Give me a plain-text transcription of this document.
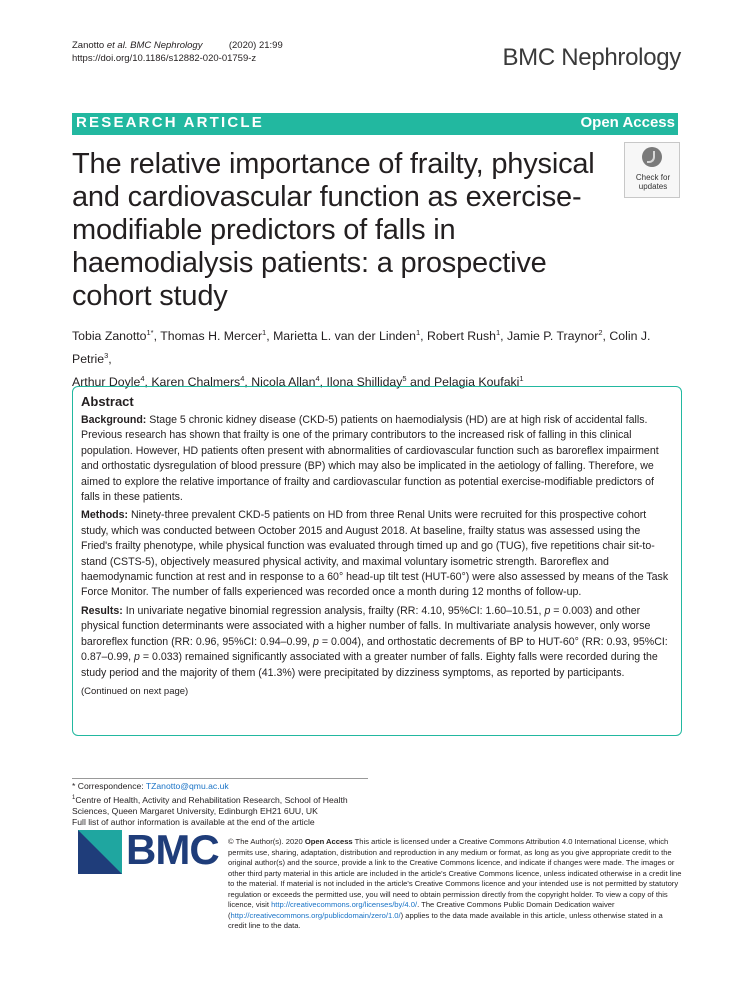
Zanotto et al. BMC Nephrology	(2020) 21:99
https://doi.org/10.1186/s12882-020-01759-z	BMC Nephrology
RESEARCH ARTICLE	Open Access
The relative importance of frailty, physical and cardiovascular function as exercise-modifiable predictors of falls in haemodialysis patients: a prospective cohort study
Check for
updates
Tobia Zanotto$^{1*}$, Thomas H. Mercer$^1$, Marietta L. van der Linden$^1$, Robert Rush$^1$, Jamie P. Traynor$^2$, Colin J. Petrie$^3$,
Arthur Doyle$^4$, Karen Chalmers$^4$, Nicola Allan$^4$, Ilona Shilliday$^5$ and Pelagia Koufaki$^1$
Abstract

Background: Stage 5 chronic kidney disease (CKD-5) patients on haemodialysis (HD) are at high risk of accidental falls. Previous research has shown that frailty is one of the primary contributors to the increased risk of falling in this clinical population. However, HD patients often present with abnormalities of cardiovascular function such as baroreflex impairment and orthostatic dysregulation of blood pressure (BP) which may also be implicated in the aetiology of falling. Therefore, we aimed to explore the relative importance of frailty and cardiovascular function as potential exercise-modifiable predictors of falls in these patients.

Methods: Ninety-three prevalent CKD-5 patients on HD from three Renal Units were recruited for this prospective cohort study, which was conducted between October 2015 and August 2018. At baseline, frailty status was assessed using the Fried's frailty phenotype, while physical function was evaluated through timed up and go (TUG), five repetitions chair sit-to-stand (CSTS-5), objectively measured physical activity, and maximal voluntary isometric strength. Baroreflex and haemodynamic function at rest and in response to a 60° head-up tilt test (HUT-60°) were also assessed by means of the Task Force Monitor. The number of falls experienced was recorded once a month during 12 months of follow-up.

Results: In univariate negative binomial regression analysis, frailty (RR: 4.10, 95%CI: 1.60–10.51, p = 0.003) and other physical function determinants were associated with a higher number of falls. In multivariate analysis however, only worse baroreflex function (RR: 0.96, 95%CI: 0.94–0.99, p = 0.004), and orthostatic decrements of BP to HUT-60° (RR: 0.93, 95%CI: 0.87–0.99, p = 0.033) remained significantly associated with a greater number of falls. Eighty falls were recorded during the study period and the majority of them (41.3%) were precipitated by dizziness symptoms, as reported by participants.

(Continued on next page)
* Correspondence: TZanotto@qmu.ac.uk
$^1$Centre of Health, Activity and Rehabilitation Research, School of Health Sciences, Queen Margaret University, Edinburgh EH21 6UU, UK
Full list of author information is available at the end of the article
BMC © The Author(s). 2020 Open Access This article is licensed under a Creative Commons Attribution 4.0 International License, which permits use, sharing, adaptation, distribution and reproduction in any medium or format, as long as you give appropriate credit to the original author(s) and the source, provide a link to the Creative Commons licence, and indicate if changes were made. The images or other third party material in this article are included in the article's Creative Commons licence, unless indicated otherwise in a credit line to the material. If material is not included in the article's Creative Commons licence and your intended use is not permitted by statutory regulation or exceeds the permitted use, you will need to obtain permission directly from the copyright holder. To view a copy of this licence, visit http://creativecommons.org/licenses/by/4.0/. The Creative Commons Public Domain Dedication waiver (http://creativecommons.org/publicdomain/zero/1.0/) applies to the data made available in this article, unless otherwise stated in a credit line to the data.
